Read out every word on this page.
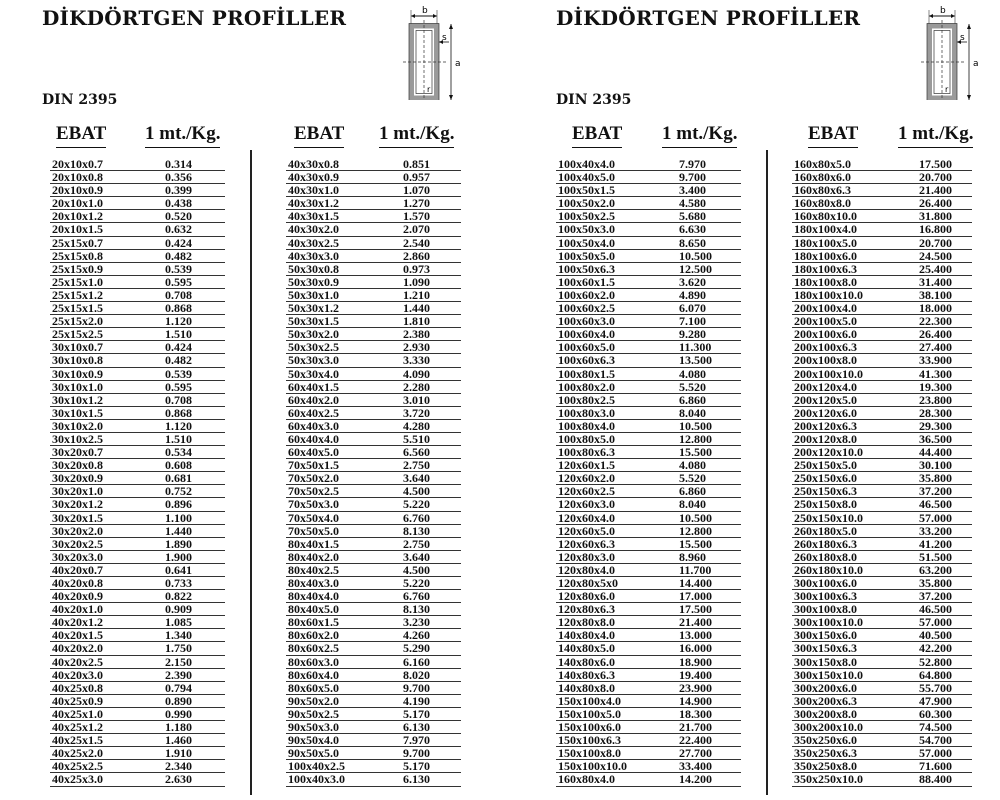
DİKDÖRTGEN PROFİLLER
DIN 2395
b
s
a
r
EBAT 1 mt./Kg.
20x10x0.7	0.314
20x10x0.8	0.356
20x10x0.9	0.399
20x10x1.0	0.438
20x10x1.2	0.520
20x10x1.5	0.632
25x15x0.7	0.424
25x15x0.8	0.482
25x15x0.9	0.539
25x15x1.0	0.595
25x15x1.2	0.708
25x15x1.5	0.868
25x15x2.0	1.120
25x15x2.5	1.510
30x10x0.7	0.424
30x10x0.8	0.482
30x10x0.9	0.539
30x10x1.0	0.595
30x10x1.2	0.708
30x10x1.5	0.868
30x10x2.0	1.120
30x10x2.5	1.510
30x20x0.7	0.534
30x20x0.8	0.608
30x20x0.9	0.681
30x20x1.0	0.752
30x20x1.2	0.896
30x20x1.5	1.100
30x20x2.0	1.440
30x20x2.5	1.890
30x20x3.0	1.900
40x20x0.7	0.641
40x20x0.8	0.733
40x20x0.9	0.822
40x20x1.0	0.909
40x20x1.2	1.085
40x20x1.5	1.340
40x20x2.0	1.750
40x20x2.5	2.150
40x20x3.0	2.390
40x25x0.8	0.794
40x25x0.9	0.890
40x25x1.0	0.990
40x25x1.2	1.180
40x25x1.5	1.460
40x25x2.0	1.910
40x25x2.5	2.340
40x25x3.0	2.630
EBAT 1 mt./Kg.
40x30x0.8	0.851
40x30x0.9	0.957
40x30x1.0	1.070
40x30x1.2	1.270
40x30x1.5	1.570
40x30x2.0	2.070
40x30x2.5	2.540
40x30x3.0	2.860
50x30x0.8	0.973
50x30x0.9	1.090
50x30x1.0	1.210
50x30x1.2	1.440
50x30x1.5	1.810
50x30x2.0	2.380
50x30x2.5	2.930
50x30x3.0	3.330
50x30x4.0	4.090
60x40x1.5	2.280
60x40x2.0	3.010
60x40x2.5	3.720
60x40x3.0	4.280
60x40x4.0	5.510
60x40x5.0	6.560
70x50x1.5	2.750
70x50x2.0	3.640
70x50x2.5	4.500
70x50x3.0	5.220
70x50x4.0	6.760
70x50x5.0	8.130
80x40x1.5	2.750
80x40x2.0	3.640
80x40x2.5	4.500
80x40x3.0	5.220
80x40x4.0	6.760
80x40x5.0	8.130
80x60x1.5	3.230
80x60x2.0	4.260
80x60x2.5	5.290
80x60x3.0	6.160
80x60x4.0	8.020
80x60x5.0	9.700
90x50x2.0	4.190
90x50x2.5	5.170
90x50x3.0	6.130
90x50x4.0	7.970
90x50x5.0	9.700
100x40x2.5	5.170
100x40x3.0	6.130
DİKDÖRTGEN PROFİLLER
DIN 2395
b
s
a
r
EBAT 1 mt./Kg.
100x40x4.0	7.970
100x40x5.0	9.700
100x50x1.5	3.400
100x50x2.0	4.580
100x50x2.5	5.680
100x50x3.0	6.630
100x50x4.0	8.650
100x50x5.0	10.500
100x50x6.3	12.500
100x60x1.5	3.620
100x60x2.0	4.890
100x60x2.5	6.070
100x60x3.0	7.100
100x60x4.0	9.280
100x60x5.0	11.300
100x60x6.3	13.500
100x80x1.5	4.080
100x80x2.0	5.520
100x80x2.5	6.860
100x80x3.0	8.040
100x80x4.0	10.500
100x80x5.0	12.800
100x80x6.3	15.500
120x60x1.5	4.080
120x60x2.0	5.520
120x60x2.5	6.860
120x60x3.0	8.040
120x60x4.0	10.500
120x60x5.0	12.800
120x60x6.3	15.500
120x80x3.0	8.960
120x80x4.0	11.700
120x80x5x0	14.400
120x80x6.0	17.000
120x80x6.3	17.500
120x80x8.0	21.400
140x80x4.0	13.000
140x80x5.0	16.000
140x80x6.0	18.900
140x80x6.3	19.400
140x80x8.0	23.900
150x100x4.0	14.900
150x100x5.0	18.300
150x100x6.0	21.700
150x100x6.3	22.400
150x100x8.0	27.700
150x100x10.0	33.400
160x80x4.0	14.200
EBAT 1 mt./Kg.
160x80x5.0	17.500
160x80x6.0	20.700
160x80x6.3	21.400
160x80x8.0	26.400
160x80x10.0	31.800
180x100x4.0	16.800
180x100x5.0	20.700
180x100x6.0	24.500
180x100x6.3	25.400
180x100x8.0	31.400
180x100x10.0	38.100
200x100x4.0	18.000
200x100x5.0	22.300
200x100x6.0	26.400
200x100x6.3	27.400
200x100x8.0	33.900
200x100x10.0	41.300
200x120x4.0	19.300
200x120x5.0	23.800
200x120x6.0	28.300
200x120x6.3	29.300
200x120x8.0	36.500
200x120x10.0	44.400
250x150x5.0	30.100
250x150x6.0	35.800
250x150x6.3	37.200
250x150x8.0	46.500
250x150x10.0	57.000
260x180x5.0	33.200
260x180x6.3	41.200
260x180x8.0	51.500
260x180x10.0	63.200
300x100x6.0	35.800
300x100x6.3	37.200
300x100x8.0	46.500
300x100x10.0	57.000
300x150x6.0	40.500
300x150x6.3	42.200
300x150x8.0	52.800
300x150x10.0	64.800
300x200x6.0	55.700
300x200x6.3	47.900
300x200x8.0	60.300
300x200x10.0	74.500
350x250x6.0	54.700
350x250x6.3	57.000
350x250x8.0	71.600
350x250x10.0	88.400
